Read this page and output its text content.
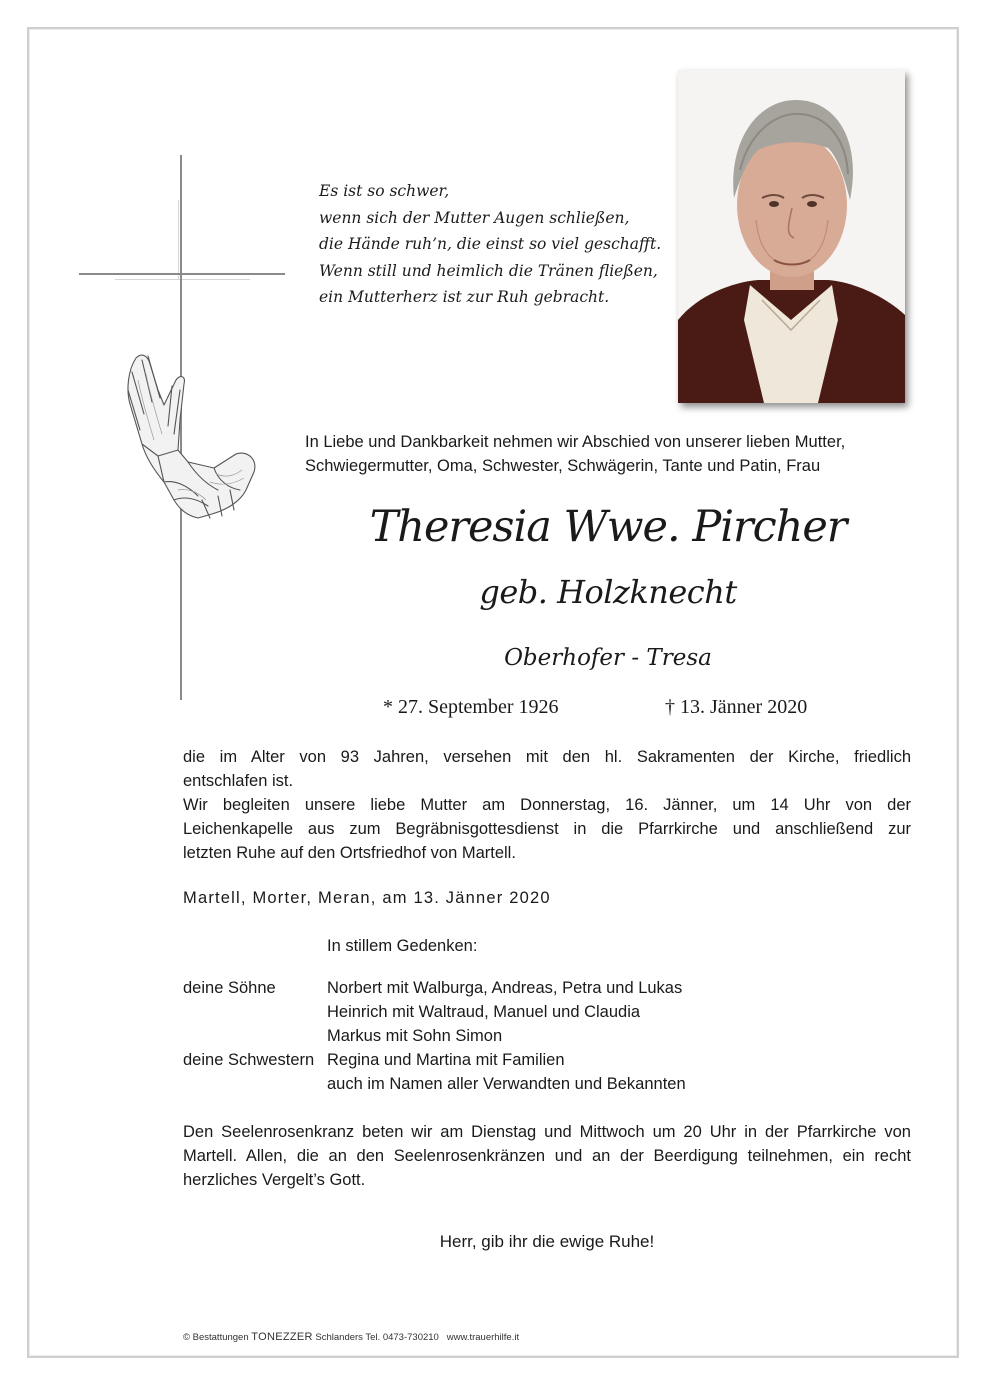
Es ist so schwer,
wenn sich der Mutter Augen schließen,
die Hände ruh’n, die einst so viel geschafft.
Wenn still und heimlich die Tränen fließen,
ein Mutterherz ist zur Ruh gebracht.
In Liebe und Dankbarkeit nehmen wir Abschied von unserer lieben Mutter,
Schwiegermutter, Oma, Schwester, Schwägerin, Tante und Patin, Frau
Theresia Wwe. Pircher
geb. Holzknecht
Oberhofer - Tresa
* 27. September 1926	† 13. Jänner 2020
die im Alter von 93 Jahren, versehen mit den hl. Sakramenten der Kirche, friedlich
entschlafen ist.
Wir begleiten unsere liebe Mutter am Donnerstag, 16. Jänner, um 14 Uhr von der
Leichenkapelle aus zum Begräbnisgottesdienst in die Pfarrkirche und anschließend zur
letzten Ruhe auf den Ortsfriedhof von Martell.
Martell, Morter, Meran, am 13. Jänner 2020
In stillem Gedenken:
deine Söhne	Norbert mit Walburga, Andreas, Petra und Lukas
Heinrich mit Waltraud, Manuel und Claudia
Markus mit Sohn Simon
deine Schwestern Regina und Martina mit Familien
auch im Namen aller Verwandten und Bekannten
Den Seelenrosenkranz beten wir am Dienstag und Mittwoch um 20 Uhr in der Pfarrkirche von
Martell. Allen, die an den Seelenrosenkränzen und an der Beerdigung teilnehmen, ein recht
herzliches Vergelt’s Gott.
Herr, gib ihr die ewige Ruhe!
© Bestattungen TONEZZER Schlanders Tel. 0473-730210 www.trauerhilfe.it
